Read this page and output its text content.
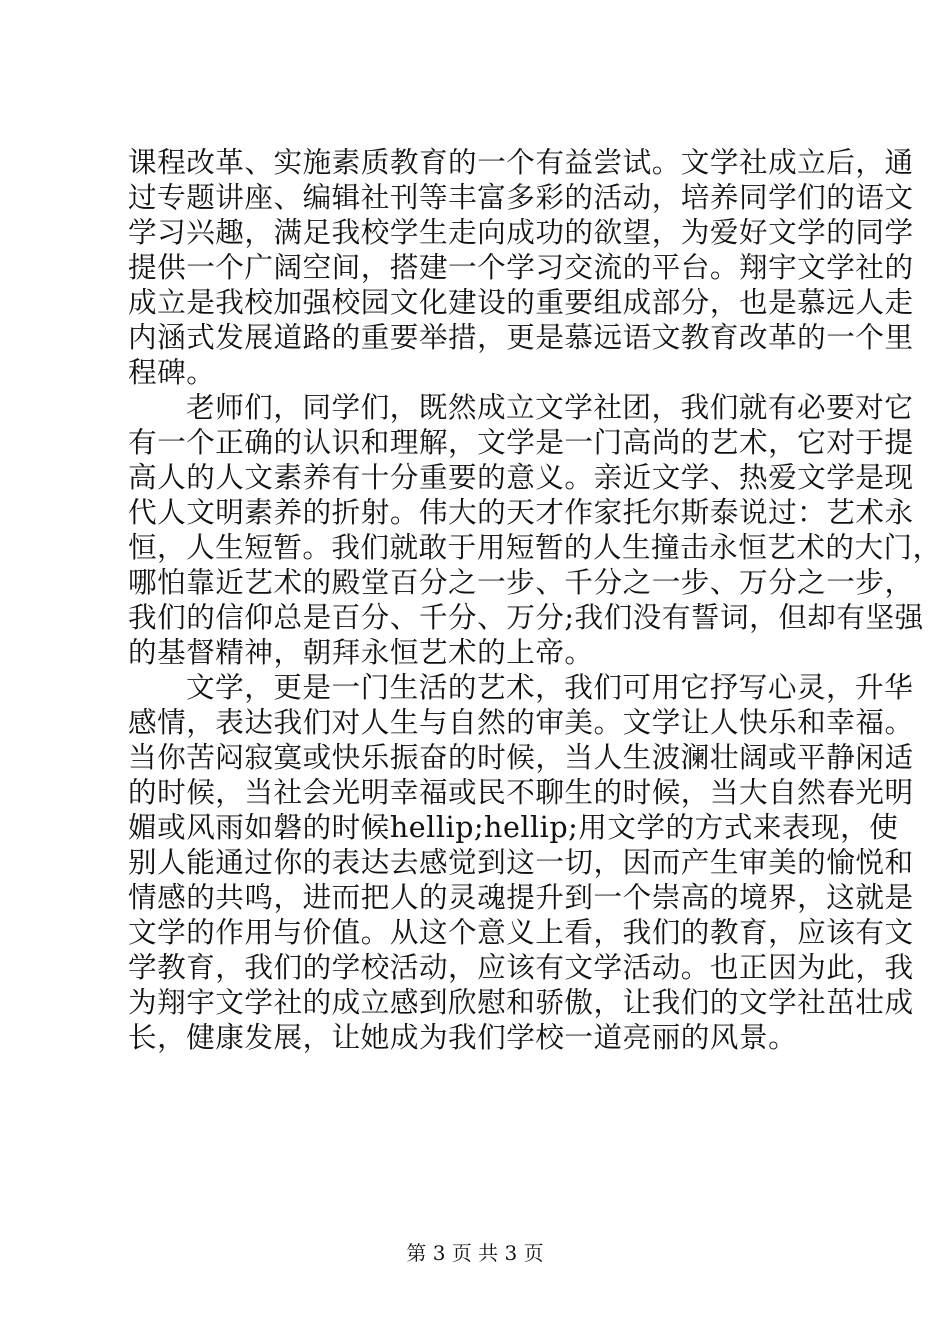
课程改革、实施素质教育的一个有益尝试。文学社成立后，通
过专题讲座、编辑社刊等丰富多彩的活动，培养同学们的语文
学习兴趣，满足我校学生走向成功的欲望，为爱好文学的同学
提供一个广阔空间，搭建一个学习交流的平台。翔宇文学社的
成立是我校加强校园文化建设的重要组成部分，也是慕远人走
内涵式发展道路的重要举措，更是慕远语文教育改革的一个里
程碑。
老师们，同学们，既然成立文学社团，我们就有必要对它
有一个正确的认识和理解，文学是一门高尚的艺术，它对于提
高人的人文素养有十分重要的意义。亲近文学、热爱文学是现
代人文明素养的折射。伟大的天才作家托尔斯泰说过：艺术永
恒，人生短暂。我们就敢于用短暂的人生撞击永恒艺术的大门，
哪怕靠近艺术的殿堂百分之一步、千分之一步、万分之一步，
我们的信仰总是百分、千分、万分;我们没有誓词，但却有坚强
的基督精神，朝拜永恒艺术的上帝。
文学，更是一门生活的艺术，我们可用它抒写心灵，升华
感情，表达我们对人生与自然的审美。文学让人快乐和幸福。
当你苦闷寂寞或快乐振奋的时候，当人生波澜壮阔或平静闲适
的时候，当社会光明幸福或民不聊生的时候，当大自然春光明
媚或风雨如磐的时候hellip;hellip;用文学的方式来表现，使
别人能通过你的表达去感觉到这一切，因而产生审美的愉悦和
情感的共鸣，进而把人的灵魂提升到一个崇高的境界，这就是
文学的作用与价值。从这个意义上看，我们的教育，应该有文
学教育，我们的学校活动，应该有文学活动。也正因为此，我
为翔宇文学社的成立感到欣慰和骄傲，让我们的文学社茁壮成
长，健康发展，让她成为我们学校一道亮丽的风景。
第 3 页 共 3 页
